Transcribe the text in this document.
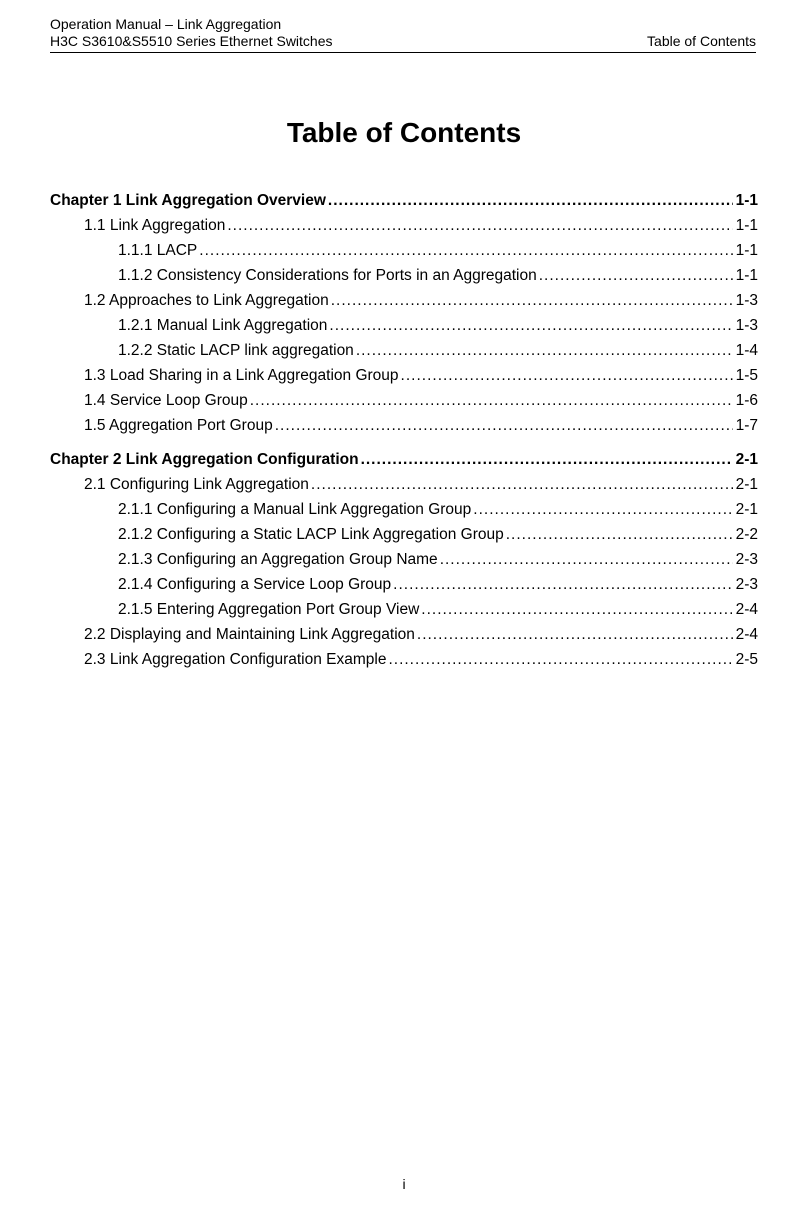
Operation Manual – Link Aggregation
H3C S3610&S5510 Series Ethernet Switches	Table of Contents
Table of Contents
Chapter 1 Link Aggregation Overview .....	1-1
1.1 Link Aggregation .....	1-1
1.1.1 LACP .....	1-1
1.1.2 Consistency Considerations for Ports in an Aggregation .....	1-1
1.2 Approaches to Link Aggregation .....	1-3
1.2.1 Manual Link Aggregation .....	1-3
1.2.2 Static LACP link aggregation .....	1-4
1.3 Load Sharing in a Link Aggregation Group .....	1-5
1.4 Service Loop Group .....	1-6
1.5 Aggregation Port Group .....	1-7
Chapter 2 Link Aggregation Configuration .....	2-1
2.1 Configuring Link Aggregation .....	2-1
2.1.1 Configuring a Manual Link Aggregation Group .....	2-1
2.1.2 Configuring a Static LACP Link Aggregation Group .....	2-2
2.1.3 Configuring an Aggregation Group Name .....	2-3
2.1.4 Configuring a Service Loop Group .....	2-3
2.1.5 Entering Aggregation Port Group View .....	2-4
2.2 Displaying and Maintaining Link Aggregation .....	2-4
2.3 Link Aggregation Configuration Example .....	2-5
i
